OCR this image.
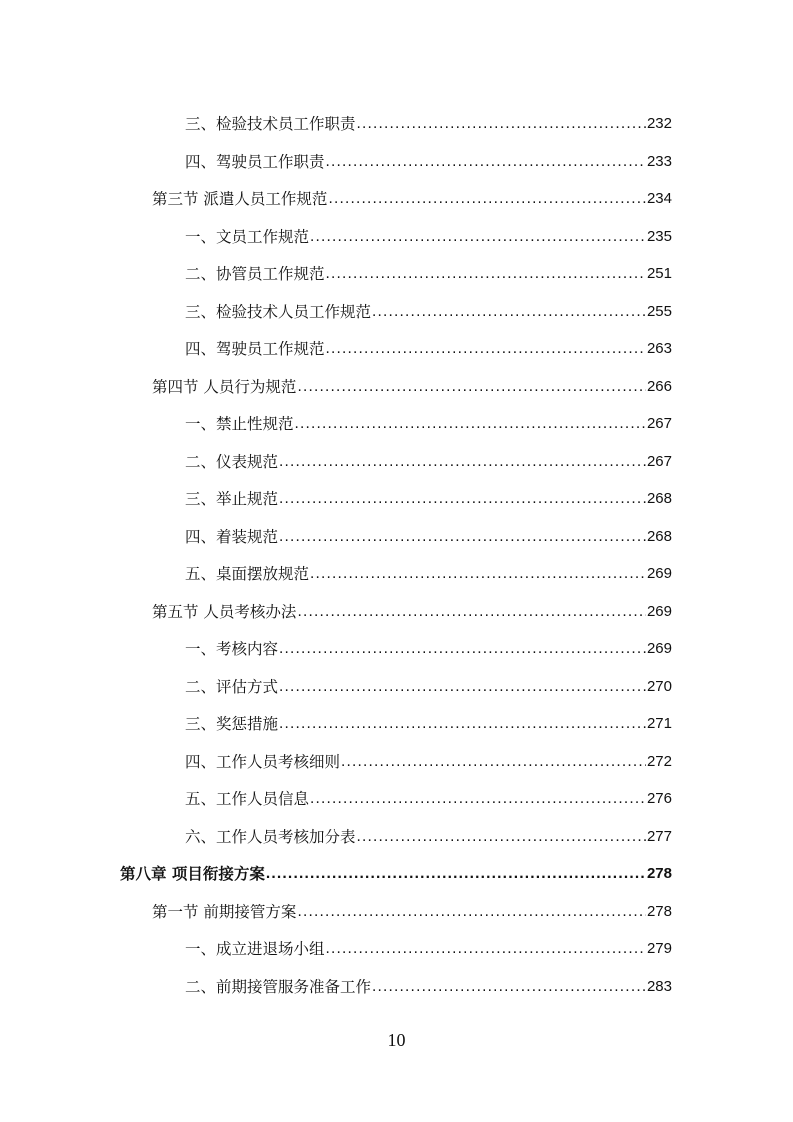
三、检验技术员工作职责 .....	232
四、驾驶员工作职责 .....	233
第三节 派遣人员工作规范 .....	234
一、文员工作规范 .....	235
二、协管员工作规范 .....	251
三、检验技术人员工作规范 .....	255
四、驾驶员工作规范 .....	263
第四节 人员行为规范 .....	266
一、禁止性规范 .....	267
二、仪表规范 .....	267
三、举止规范 .....	268
四、着装规范 .....	268
五、桌面摆放规范 .....	269
第五节 人员考核办法 .....	269
一、考核内容 .....	269
二、评估方式 .....	270
三、奖惩措施 .....	271
四、工作人员考核细则 .....	272
五、工作人员信息 .....	276
六、工作人员考核加分表 .....	277
第八章 项目衔接方案 .....	278
第一节 前期接管方案 .....	278
一、成立进退场小组 .....	279
二、前期接管服务准备工作 .....	283
10
